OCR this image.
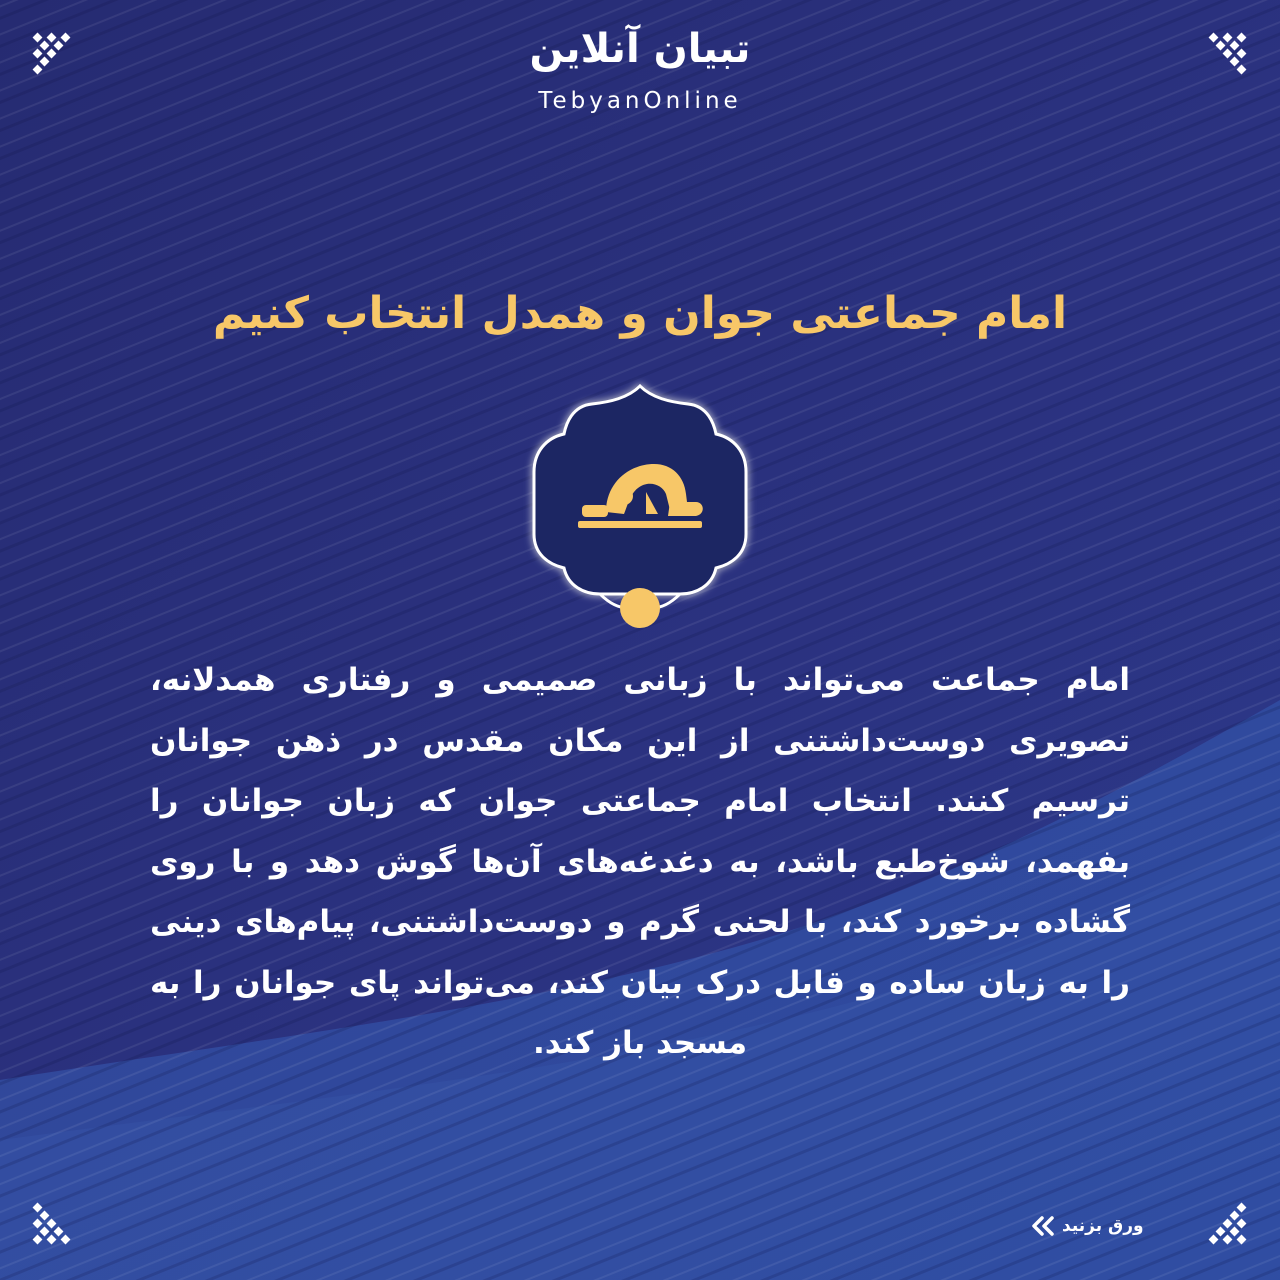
تبیان آنلاین
TebyanOnline
امام جماعتی جوان و همدل انتخاب کنیم
امام جماعت می‌تواند با زبانی صمیمی و رفتاری همدلانه، تصویری دوست‌داشتنی از این مکان مقدس در ذهن جوانان ترسیم کنند. انتخاب امام جماعتی جوان که زبان جوانان را بفهمد، شوخ‌طبع باشد، به دغدغه‌های آن‌ها گوش دهد و با روی گشاده برخورد کند، با لحنی گرم و دوست‌داشتنی، پیام‌های دینی را به زبان ساده و قابل درک بیان کند، می‌تواند پای جوانان را به مسجد باز کند.
ورق بزنید
